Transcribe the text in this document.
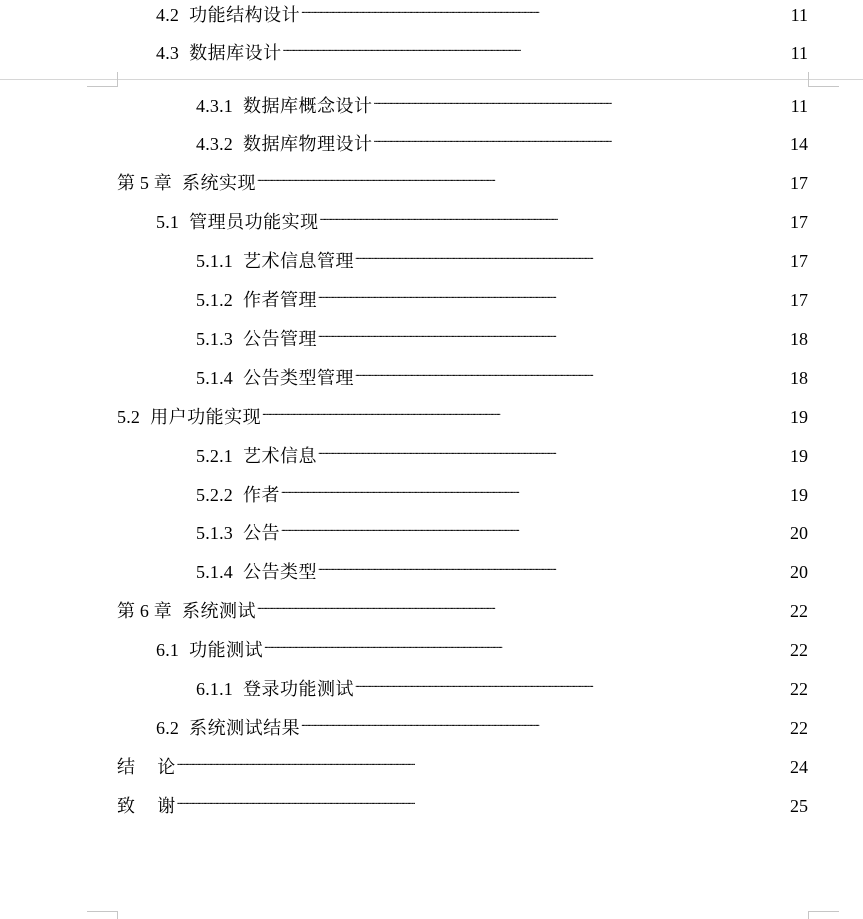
4.2 功能结构设计 . . .	11
4.3 数据库设计 . . .	11
4.3.1 数据库概念设计 . . .	11
4.3.2 数据库物理设计 . . .	14
第 5 章 系统实现 . . .	17
5.1 管理员功能实现 . . .	17
5.1.1 艺术信息管理 . . .	17
5.1.2 作者管理 . . .	17
5.1.3 公告管理 . . .	18
5.1.4 公告类型管理 . . .	18
5.2 用户功能实现 . . .	19
5.2.1 艺术信息 . . .	19
5.2.2 作者 . . .	19
5.1.3 公告 . . .	20
5.1.4 公告类型 . . .	20
第 6 章 系统测试 . . .	22
6.1 功能测试 . . .	22
6.1.1 登录功能测试 . . .	22
6.2 系统测试结果 . . .	22
结 论 . . .	24
致 谢 . . .	25
